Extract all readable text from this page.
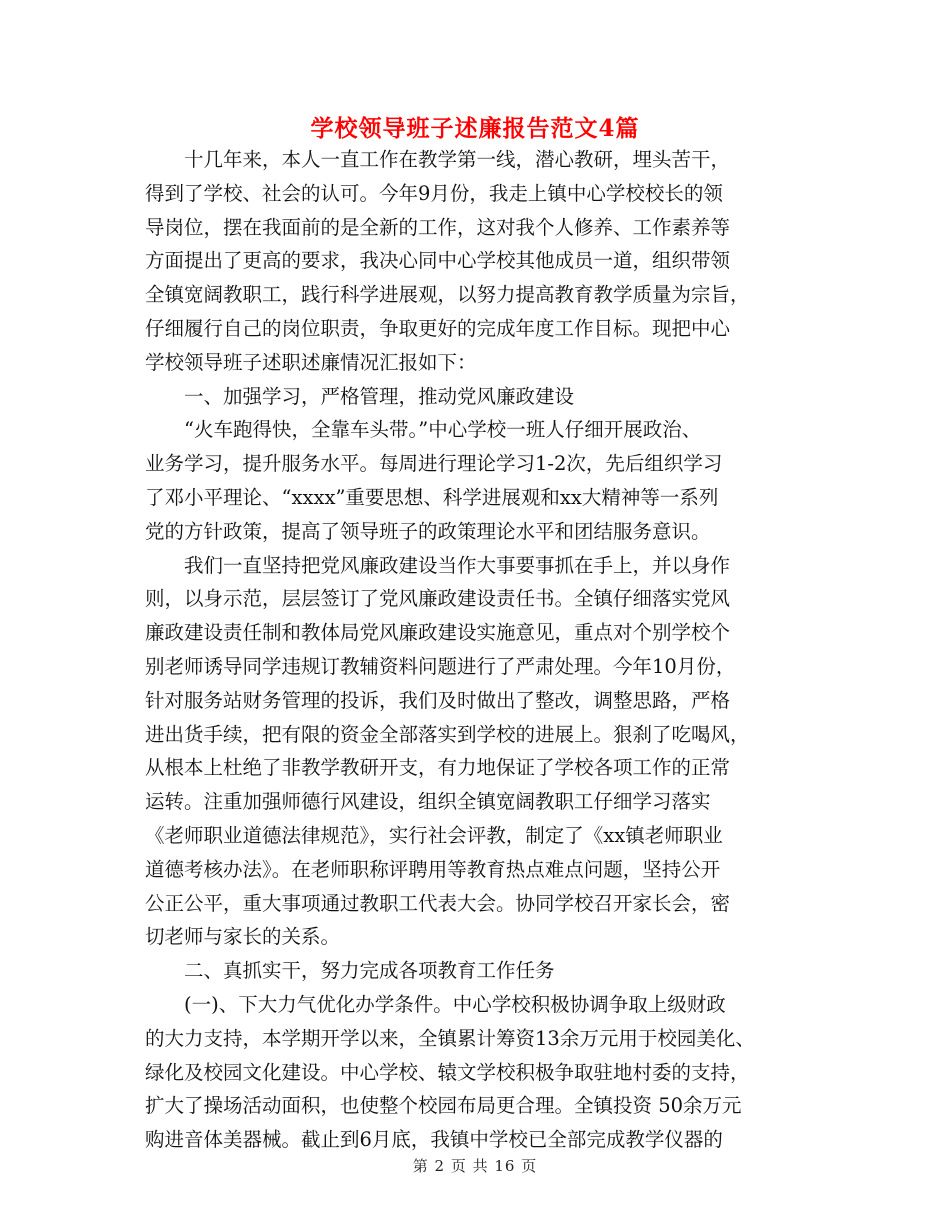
学校领导班子述廉报告范文4篇
　　十几年来，本人一直工作在教学第一线，潜心教研，埋头苦干，
得到了学校、社会的认可。今年9月份，我走上镇中心学校校长的领
导岗位，摆在我面前的是全新的工作，这对我个人修养、工作素养等
方面提出了更高的要求，我决心同中心学校其他成员一道，组织带领
全镇宽阔教职工，践行科学进展观，以努力提高教育教学质量为宗旨，
仔细履行自己的岗位职责，争取更好的完成年度工作目标。现把中心
学校领导班子述职述廉情况汇报如下：
　　一、加强学习，严格管理，推动党风廉政建设
　　“火车跑得快，全靠车头带。”中心学校一班人仔细开展政治、
业务学习，提升服务水平。每周进行理论学习1-2次，先后组织学习
了邓小平理论、“xxxx”重要思想、科学进展观和xx大精神等一系列
党的方针政策，提高了领导班子的政策理论水平和团结服务意识。
　　我们一直坚持把党风廉政建设当作大事要事抓在手上，并以身作
则，以身示范，层层签订了党风廉政建设责任书。全镇仔细落实党风
廉政建设责任制和教体局党风廉政建设实施意见，重点对个别学校个
别老师诱导同学违规订教辅资料问题进行了严肃处理。今年10月份，
针对服务站财务管理的投诉，我们及时做出了整改，调整思路，严格
进出货手续，把有限的资金全部落实到学校的进展上。狠刹了吃喝风，
从根本上杜绝了非教学教研开支，有力地保证了学校各项工作的正常
运转。注重加强师德行风建设，组织全镇宽阔教职工仔细学习落实
《老师职业道德法律规范》，实行社会评教，制定了《xx镇老师职业
道德考核办法》。在老师职称评聘用等教育热点难点问题，坚持公开
公正公平，重大事项通过教职工代表大会。协同学校召开家长会，密
切老师与家长的关系。
　　二、真抓实干，努力完成各项教育工作任务
　　(一)、下大力气优化办学条件。中心学校积极协调争取上级财政
的大力支持，本学期开学以来，全镇累计筹资13余万元用于校园美化、
绿化及校园文化建设。中心学校、辕文学校积极争取驻地村委的支持，
扩大了操场活动面积，也使整个校园布局更合理。全镇投资 50余万元
购进音体美器械。截止到6月底，我镇中学校已全部完成教学仪器的
第 2 页 共 16 页
